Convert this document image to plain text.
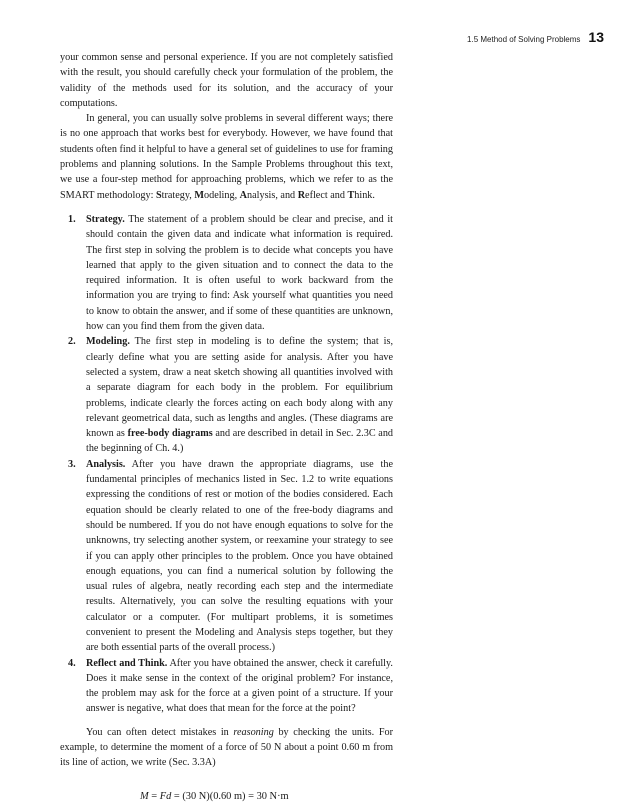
1.5 Method of Solving Problems 13

your common sense and personal experience. If you are not completely satisfied with the result, you should carefully check your formulation of the problem, the validity of the methods used for its solution, and the accuracy of your computations.

In general, you can usually solve problems in several different ways; there is no one approach that works best for everybody. However, we have found that students often find it helpful to have a general set of guidelines to use for framing problems and planning solutions. In the Sample Problems throughout this text, we use a four-step method for approaching problems, which we refer to as the SMART methodology: Strategy, Modeling, Analysis, and Reflect and Think.

1. Strategy. The statement of a problem should be clear and precise, and it should contain the given data and indicate what information is required. The first step in solving the problem is to decide what concepts you have learned that apply to the given situation and to connect the data to the required information. It is often useful to work backward from the information you are trying to find: Ask yourself what quantities you need to know to obtain the answer, and if some of these quantities are unknown, how can you find them from the given data.
2. Modeling. The first step in modeling is to define the system; that is, clearly define what you are setting aside for analysis. After you have selected a system, draw a neat sketch showing all quantities involved with a separate diagram for each body in the problem. For equilibrium problems, indicate clearly the forces acting on each body along with any relevant geometrical data, such as lengths and angles. (These diagrams are known as free-body diagrams and are described in detail in Sec. 2.3C and the beginning of Ch. 4.)
3. Analysis. After you have drawn the appropriate diagrams, use the fundamental principles of mechanics listed in Sec. 1.2 to write equations expressing the conditions of rest or motion of the bodies considered. Each equation should be clearly related to one of the free-body diagrams and should be numbered. If you do not have enough equations to solve for the unknowns, try selecting another system, or reexamine your strategy to see if you can apply other principles to the problem. Once you have obtained enough equations, you can find a numerical solution by following the usual rules of algebra, neatly recording each step and the intermediate results. Alternatively, you can solve the resulting equations with your calculator or a computer. (For multipart problems, it is sometimes convenient to present the Modeling and Analysis steps together, but they are both essential parts of the overall process.)
4. Reflect and Think. After you have obtained the answer, check it carefully. Does it make sense in the context of the original problem? For instance, the problem may ask for the force at a given point of a structure. If your answer is negative, what does that mean for the force at the point?

You can often detect mistakes in reasoning by checking the units. For example, to determine the moment of a force of 50 N about a point 0.60 m from its line of action, we write (Sec. 3.3A)

M = Fd = (30 N)(0.60 m) = 30 N·m
